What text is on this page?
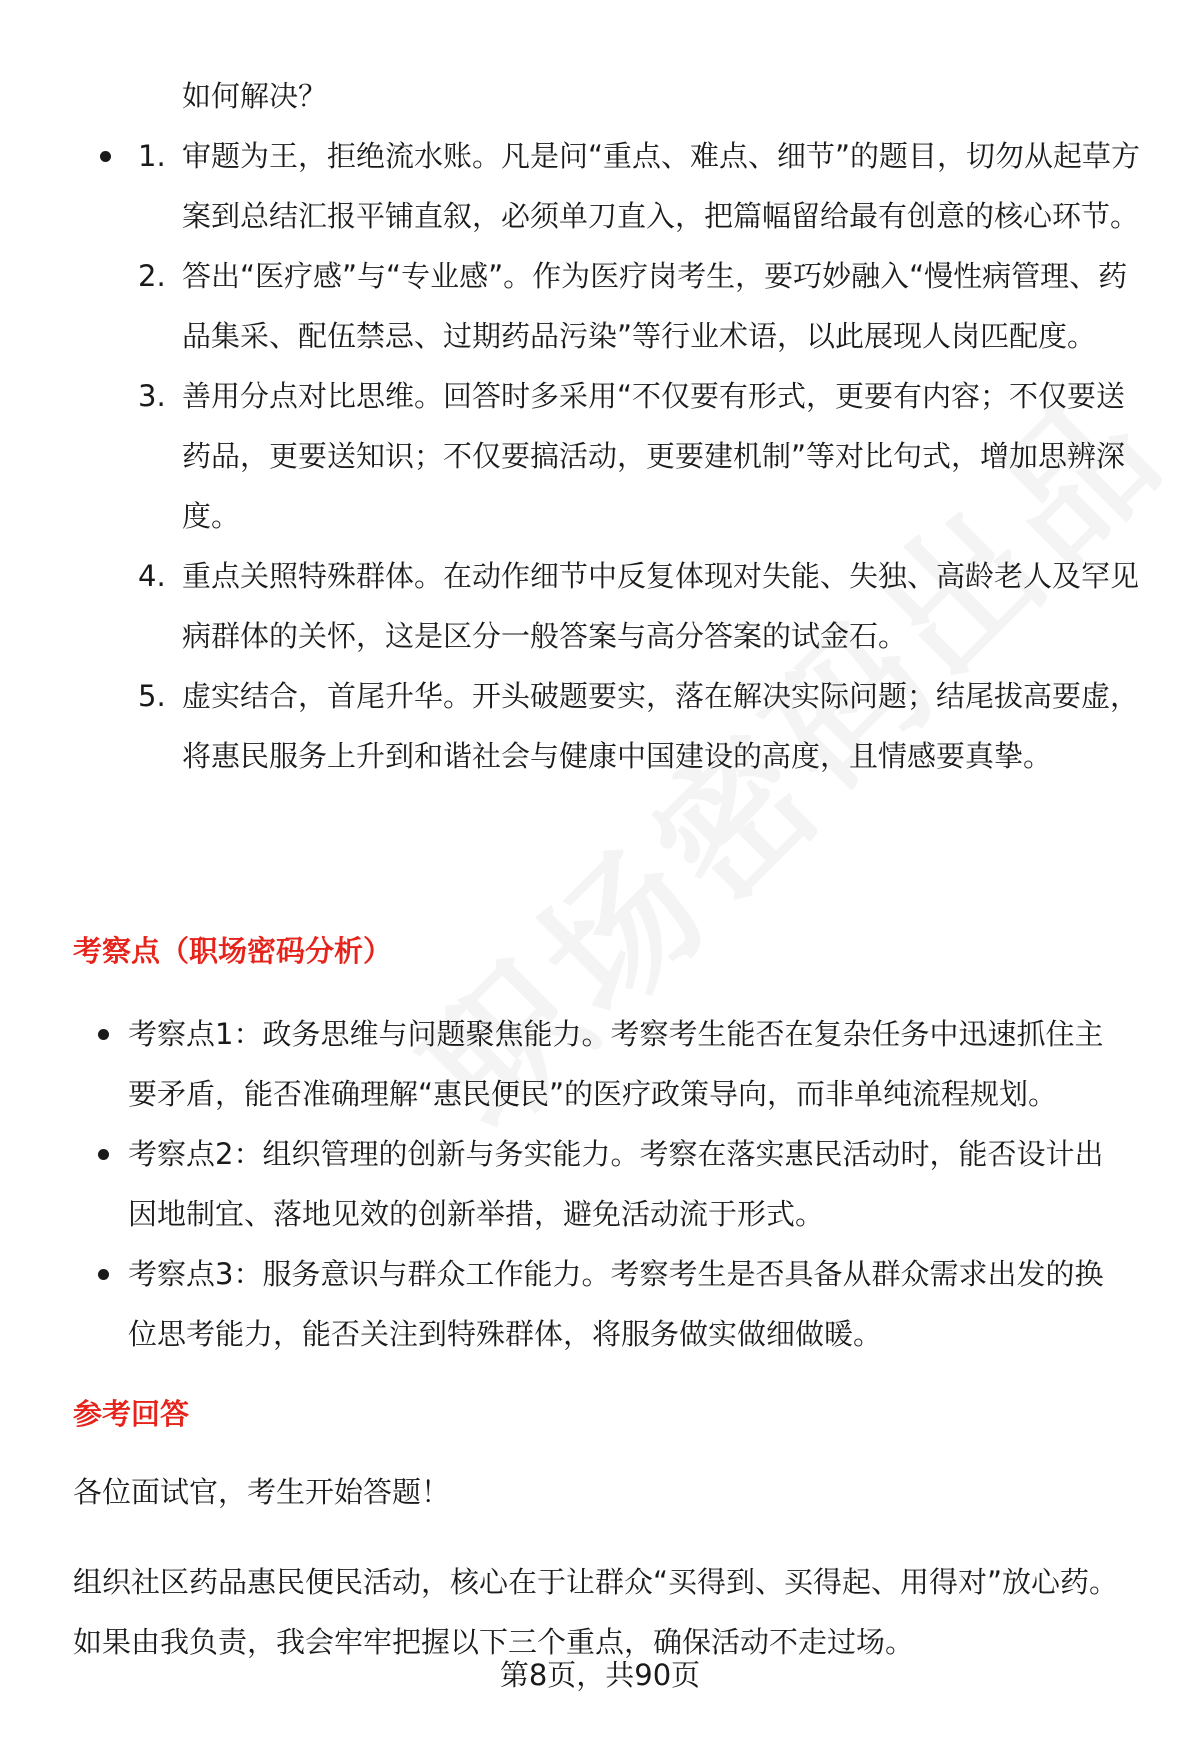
如何解决？
1. 审题为王，拒绝流水账。凡是问“重点、难点、细节”的题目，切勿从起草方案到总结汇报平铺直叙，必须单刀直入，把篇幅留给最有创意的核心环节。
2. 答出“医疗感”与“专业感”。作为医疗岗考生，要巧妙融入“慢性病管理、药品集采、配伍禁忌、过期药品污染”等行业术语，以此展现人岗匹配度。
3. 善用分点对比思维。回答时多采用“不仅要有形式，更要有内容；不仅要送药品，更要送知识；不仅要搞活动，更要建机制”等对比句式，增加思辨深度。
4. 重点关照特殊群体。在动作细节中反复体现对失能、失独、高龄老人及罕见病群体的关怀，这是区分一般答案与高分答案的试金石。
5. 虚实结合，首尾升华。开头破题要实，落在解决实际问题；结尾拔高要虚，将惠民服务上升到和谐社会与健康中国建设的高度，且情感要真挚。
考察点（职场密码分析）
考察点1：政务思维与问题聚焦能力。考察考生能否在复杂任务中迅速抓住主要矛盾，能否准确理解“惠民便民”的医疗政策导向，而非单纯流程规划。
考察点2：组织管理的创新与务实能力。考察在落实惠民活动时，能否设计出因地制宜、落地见效的创新举措，避免活动流于形式。
考察点3：服务意识与群众工作能力。考察考生是否具备从群众需求出发的换位思考能力，能否关注到特殊群体，将服务做实做细做暖。
参考回答
各位面试官，考生开始答题！
组织社区药品惠民便民活动，核心在于让群众“买得到、买得起、用得对”放心药。如果由我负责，我会牢牢把握以下三个重点，确保活动不走过场。
第8页，共90页
